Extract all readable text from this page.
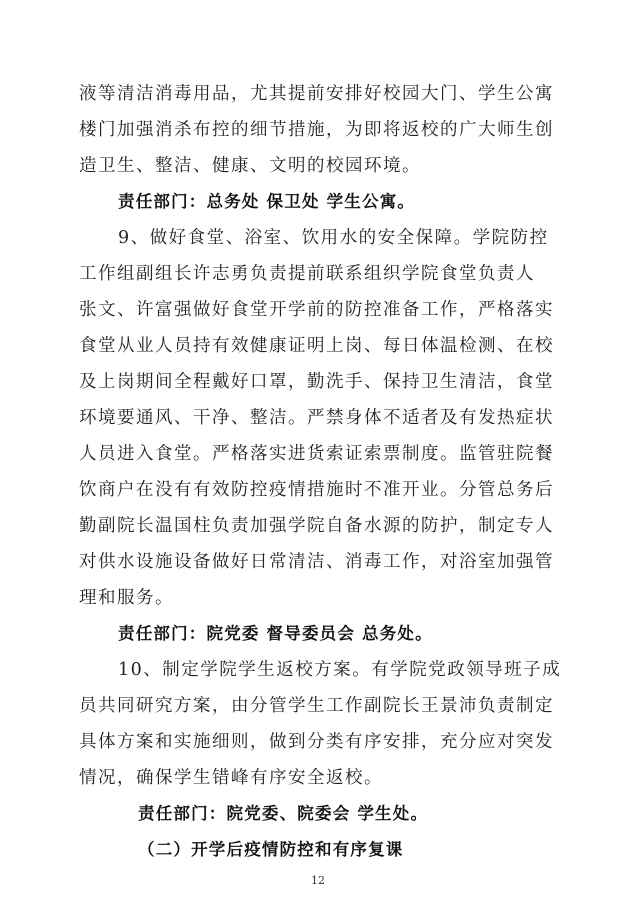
液等清洁消毒用品，尤其提前安排好校园大门、学生公寓
楼门加强消杀布控的细节措施，为即将返校的广大师生创
造卫生、整洁、健康、文明的校园环境。
责任部门：总务处 保卫处 学生公寓。
9、做好食堂、浴室、饮用水的安全保障。学院防控
工作组副组长许志勇负责提前联系组织学院食堂负责人
张文、许富强做好食堂开学前的防控准备工作，严格落实
食堂从业人员持有效健康证明上岗、每日体温检测、在校
及上岗期间全程戴好口罩，勤洗手、保持卫生清洁，食堂
环境要通风、干净、整洁。严禁身体不适者及有发热症状
人员进入食堂。严格落实进货索证索票制度。监管驻院餐
饮商户在没有有效防控疫情措施时不准开业。分管总务后
勤副院长温国柱负责加强学院自备水源的防护，制定专人
对供水设施设备做好日常清洁、消毒工作，对浴室加强管
理和服务。
责任部门：院党委 督导委员会 总务处。
10、制定学院学生返校方案。有学院党政领导班子成
员共同研究方案，由分管学生工作副院长王景沛负责制定
具体方案和实施细则，做到分类有序安排，充分应对突发
情况，确保学生错峰有序安全返校。
责任部门：院党委、院委会 学生处。
（二）开学后疫情防控和有序复课
12
